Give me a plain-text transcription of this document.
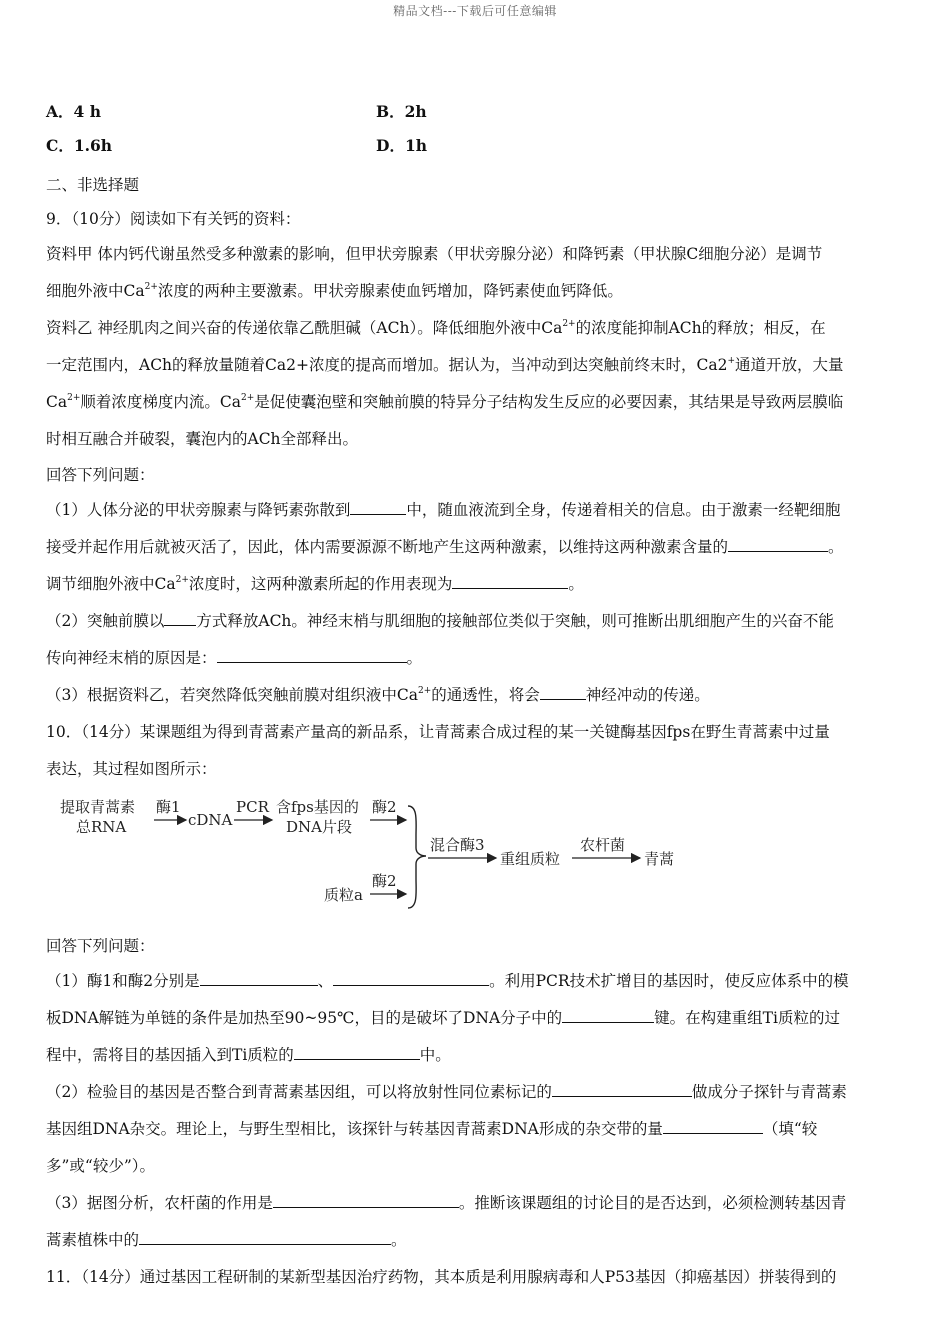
精品文档---下载后可任意编辑
A．4 h	B．2h
C．1.6h	D．1h

二、非选择题

9．（10分）阅读如下有关钙的资料：

资料甲 体内钙代谢虽然受多种激素的影响，但甲状旁腺素（甲状旁腺分泌）和降钙素（甲状腺C细胞分泌）是调节

细胞外液中$Ca^{2+}$浓度的两种主要激素。甲状旁腺素使血钙增加，降钙素使血钙降低。

资料乙 神经肌肉之间兴奋的传递依靠乙酰胆碱（ACh）。降低细胞外液中$Ca^{2+}$的浓度能抑制ACh的释放；相反，在

一定范围内，ACh的释放量随着Ca2+浓度的提高而增加。据认为，当冲动到达突触前终末时，Ca2+通道开放，大量

$Ca^{2+}$顺着浓度梯度内流。$Ca^{2+}$是促使囊泡壁和突触前膜的特异分子结构发生反应的必要因素，其结果是导致两层膜临

时相互融合并破裂，囊泡内的ACh全部释出。

回答下列问题：

（1）人体分泌的甲状旁腺素与降钙素弥散到	中，随血液流到全身，传递着相关的信息。由于激素一经靶细胞

接受并起作用后就被灭活了，因此，体内需要源源不断地产生这两种激素，以维持这两种激素含量的	。

调节细胞外液中$Ca^{2+}$浓度时，这两种激素所起的作用表现为	。

（2）突触前膜以 方式释放ACh。神经末梢与肌细胞的接触部位类似于突触，则可推断出肌细胞产生的兴奋不能

传向神经末梢的原因是：	。

（3）根据资料乙，若突然降低突触前膜对组织液中$Ca^{2+}$的通透性，将会	神经冲动的传递。

10．（14分）某课题组为得到青蒿素产量高的新品系，让青蒿素合成过程的某一关键酶基因fps在野生青蒿素中过量

表达，其过程如图所示：

提取青蒿素
总RNA
酶1
cDNA
PCR 含fps基因的
DNA片段
酶2
质粒a
酶2
混合酶3
重组质粒
农杆菌
青蒿

回答下列问题：

（1）酶1和酶2分别是	、	。利用PCR技术扩增目的基因时，使反应体系中的模

板DNA解链为单链的条件是加热至90~95℃，目的是破坏了DNA分子中的	键。在构建重组Ti质粒的过

程中，需将目的基因插入到Ti质粒的	中。

（2）检验目的基因是否整合到青蒿素基因组，可以将放射性同位素标记的	做成分子探针与青蒿素

基因组DNA杂交。理论上，与野生型相比，该探针与转基因青蒿素DNA形成的杂交带的量	（填“较

多”或“较少”）。

（3）据图分析，农杆菌的作用是	。推断该课题组的讨论目的是否达到，必须检测转基因青

蒿素植株中的	。

11．（14分）通过基因工程研制的某新型基因治疗药物，其本质是利用腺病毒和人P53基因（抑癌基因）拼装得到的
